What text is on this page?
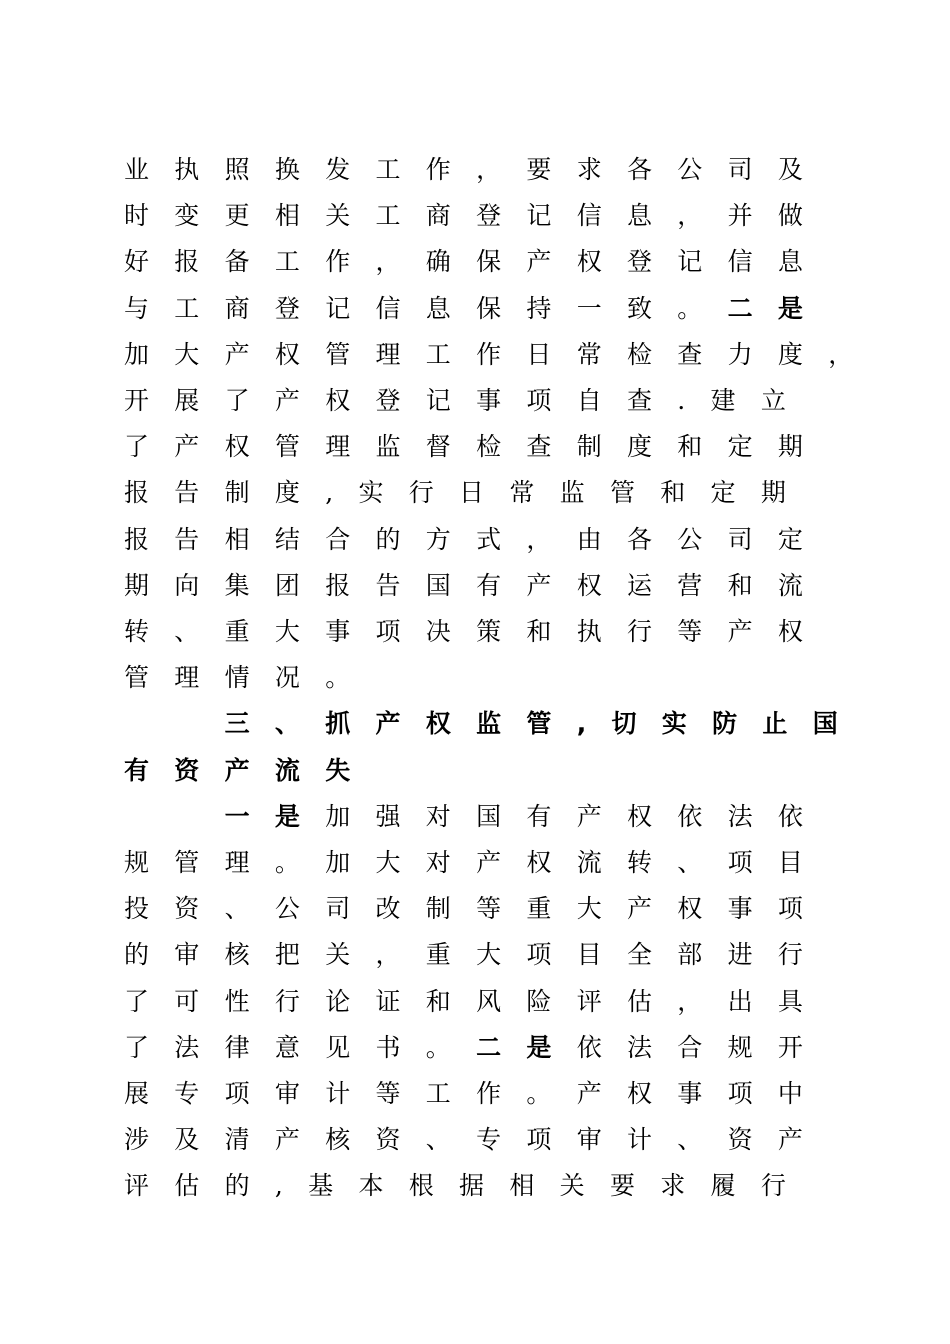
业执照换发工作，要求各公司及
时变更相关工商登记信息，并做
好报备工作，确保产权登记信息
与工商登记信息保持一致。 二是
加大产权管理工作日常检查力度，
开展了产权登记事项自查.建立
了产权管理监督检查制度和定期
报告制度,实行日常监管和定期
报告相结合的方式，由各公司定
期向集团报告国有产权运营和流
转、重大事项决策和执行等产权
管理情况。
三、抓产权监管,切实防止国
有资产流失
一是 加强对国有产权依法依
规管理。加大对产权流转、项目
投资、公司改制等重大产权事项
的审核把关，重大项目全部进行
了可性行论证和风险评估，出具
了法律意见书。 二是 依法合规开
展专项审计等工作。产权事项中
涉及清产核资、专项审计、资产
评估的,基本根据相关要求履行
